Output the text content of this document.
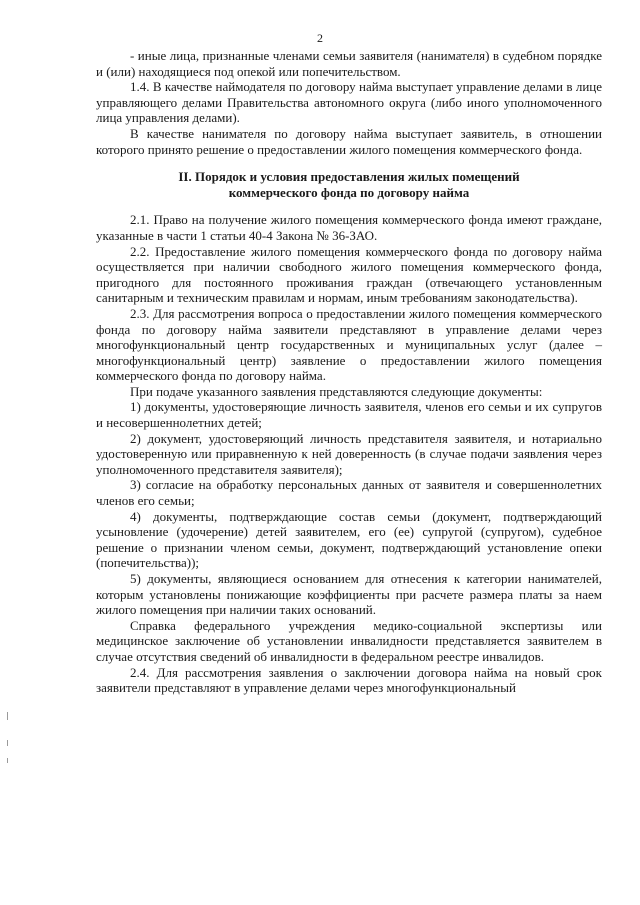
2

- иные лица, признанные членами семьи заявителя (нанимателя) в судебном порядке и (или) находящиеся под опекой или попечительством.

1.4. В качестве наймодателя по договору найма выступает управление делами в лице управляющего делами Правительства автономного округа (либо иного уполномоченного лица управления делами).

В качестве нанимателя по договору найма выступает заявитель, в отношении которого принято решение о предоставлении жилого помещения коммерческого фонда.

II. Порядок и условия предоставления жилых помещений

коммерческого фонда по договору найма

2.1. Право на получение жилого помещения коммерческого фонда имеют граждане, указанные в части 1 статьи 40-4 Закона № 36-ЗАО.

2.2. Предоставление жилого помещения коммерческого фонда по договору найма осуществляется при наличии свободного жилого помещения коммерческого фонда, пригодного для постоянного проживания граждан (отвечающего установленным санитарным и техническим правилам и нормам, иным требованиям законодательства).

2.3. Для рассмотрения вопроса о предоставлении жилого помещения коммерческого фонда по договору найма заявители представляют в управление делами через многофункциональный центр государственных и муниципальных услуг (далее – многофункциональный центр) заявление о предоставлении жилого помещения коммерческого фонда по договору найма.

При подаче указанного заявления представляются следующие документы:

1) документы, удостоверяющие личность заявителя, членов его семьи и их супругов и несовершеннолетних детей;

2) документ, удостоверяющий личность представителя заявителя, и нотариально удостоверенную или приравненную к ней доверенность (в случае подачи заявления через уполномоченного представителя заявителя);

3) согласие на обработку персональных данных от заявителя и совершеннолетних членов его семьи;

4) документы, подтверждающие состав семьи (документ, подтверждающий усыновление (удочерение) детей заявителем, его (ее) супругой (супругом), судебное решение о признании членом семьи, документ, подтверждающий установление опеки (попечительства));

5) документы, являющиеся основанием для отнесения к категории нанимателей, которым установлены понижающие коэффициенты при расчете размера платы за наем жилого помещения при наличии таких оснований.

Справка федерального учреждения медико-социальной экспертизы или медицинское заключение об установлении инвалидности представляется заявителем в случае отсутствия сведений об инвалидности в федеральном реестре инвалидов.

2.4. Для рассмотрения заявления о заключении договора найма на новый срок заявители представляют в управление делами через многофункциональный
